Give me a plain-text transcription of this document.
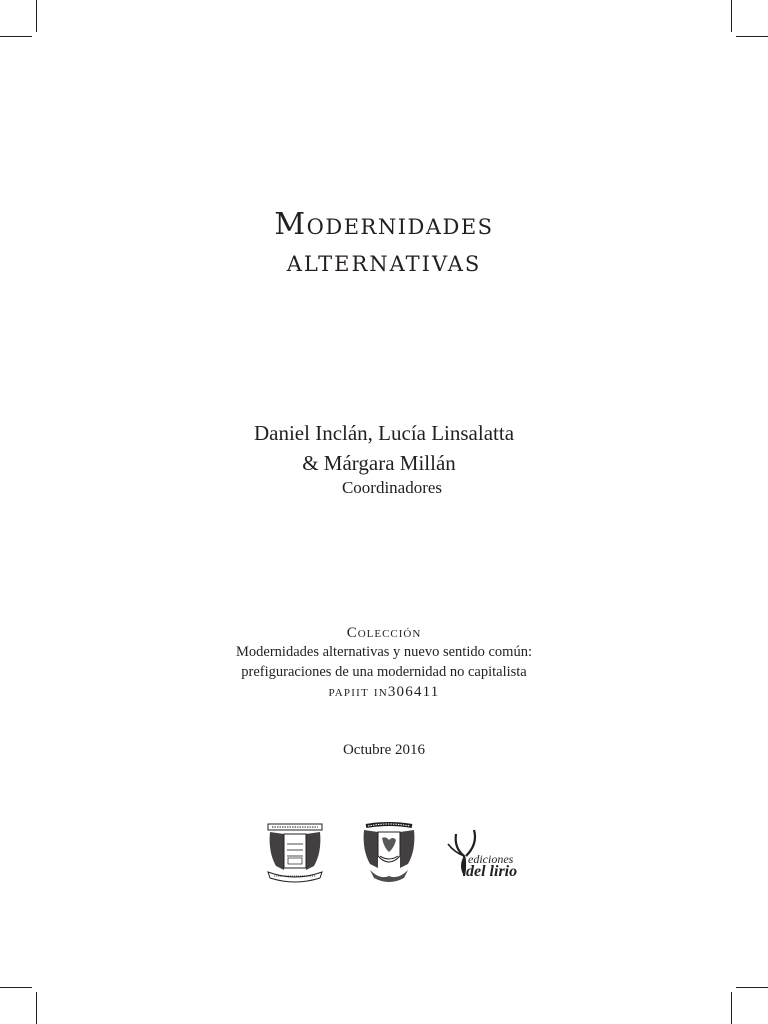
Modernidades
alternativas
Daniel Inclán, Lucía Linsalatta
& Márgara Millán
Coordinadores
Colección
Modernidades alternativas y nuevo sentido común:
prefiguraciones de una modernidad no capitalista
papiit in306411
Octubre 2016
ediciones
del lirio
